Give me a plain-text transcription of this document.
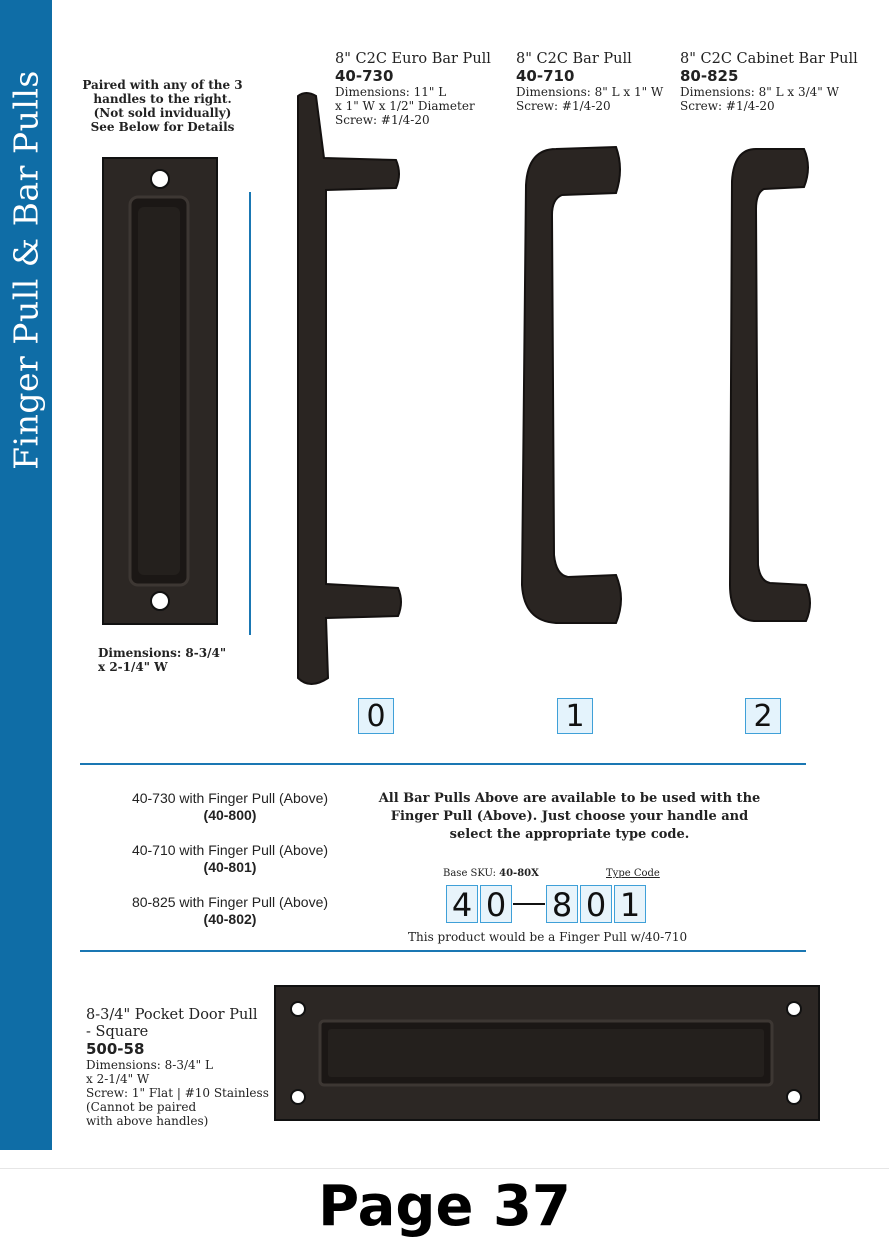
Finger Pull & Bar Pulls	Paired with any of the 3
handles to the right.
(Not sold invidually)
See Below for Details
Dimensions: 8-3/4"
x 2-1/4" W
8" C2C Euro Bar Pull
40-730
Dimensions: 11" L
x 1" W x 1/2" Diameter
Screw: #1/4-20
8" C2C Bar Pull
40-710
Dimensions: 8" L x 1" W
Screw: #1/4-20
8" C2C Cabinet Bar Pull
80-825
Dimensions: 8" L x 3/4" W
Screw: #1/4-20
0	1	2
40-730 with Finger Pull (Above)
(40-800)
40-710 with Finger Pull (Above)
(40-801)
80-825 with Finger Pull (Above)
(40-802)
All Bar Pulls Above are available to be used with the
Finger Pull (Above). Just choose your handle and
select the appropriate type code.
Base SKU: 40-80X	Type Code
4 0 8 0 1
This product would be a Finger Pull w/40-710
8-3/4" Pocket Door Pull
- Square
500-58
Dimensions: 8-3/4" L
x 2-1/4" W
Screw: 1" Flat | #10 Stainless
(Cannot be paired
with above handles)
Page 37
